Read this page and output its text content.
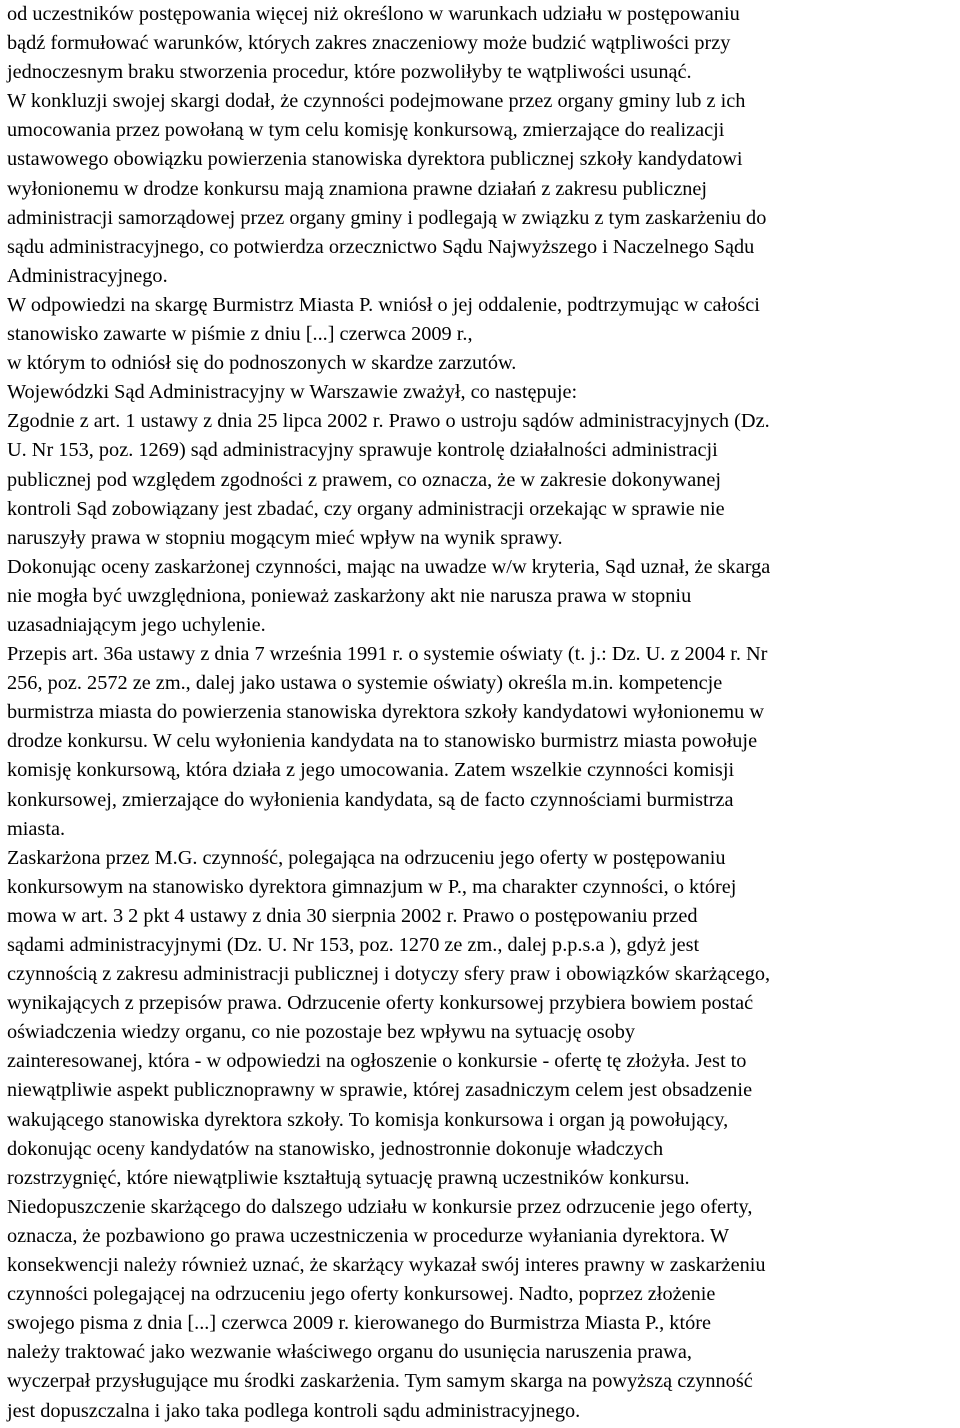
od uczestników postępowania więcej niż określono w warunkach udziału w postępowaniu
bądź formułować warunków, których zakres znaczeniowy może budzić wątpliwości przy
jednoczesnym braku stworzenia procedur, które pozwoliłyby te wątpliwości usunąć.
W konkluzji swojej skargi dodał, że czynności podejmowane przez organy gminy lub z ich
umocowania przez powołaną w tym celu komisję konkursową, zmierzające do realizacji
ustawowego obowiązku powierzenia stanowiska dyrektora publicznej szkoły kandydatowi
wyłonionemu w drodze konkursu mają znamiona prawne działań z zakresu publicznej
administracji samorządowej przez organy gminy i podlegają w związku z tym zaskarżeniu do
sądu administracyjnego, co potwierdza orzecznictwo Sądu Najwyższego i Naczelnego Sądu
Administracyjnego.
W odpowiedzi na skargę Burmistrz Miasta P. wniósł o jej oddalenie, podtrzymując w całości
stanowisko zawarte w piśmie z dniu [...] czerwca 2009 r.,
w którym to odniósł się do podnoszonych w skardze zarzutów.
Wojewódzki Sąd Administracyjny w Warszawie zważył, co następuje:
Zgodnie z art. 1 ustawy z dnia 25 lipca 2002 r. Prawo o ustroju sądów administracyjnych (Dz.
U. Nr 153, poz. 1269) sąd administracyjny sprawuje kontrolę działalności administracji
publicznej pod względem zgodności z prawem, co oznacza, że w zakresie dokonywanej
kontroli Sąd zobowiązany jest zbadać, czy organy administracji orzekając w sprawie nie
naruszyły prawa w stopniu mogącym mieć wpływ na wynik sprawy.
Dokonując oceny zaskarżonej czynności, mając na uwadze w/w kryteria, Sąd uznał, że skarga
nie mogła być uwzględniona, ponieważ zaskarżony akt nie narusza prawa w stopniu
uzasadniającym jego uchylenie.
Przepis art. 36a ustawy z dnia 7 września 1991 r. o systemie oświaty (t. j.: Dz. U. z 2004 r. Nr
256, poz. 2572 ze zm., dalej jako ustawa o systemie oświaty) określa m.in. kompetencje
burmistrza miasta do powierzenia stanowiska dyrektora szkoły kandydatowi wyłonionemu w
drodze konkursu. W celu wyłonienia kandydata na to stanowisko burmistrz miasta powołuje
komisję konkursową, która działa z jego umocowania. Zatem wszelkie czynności komisji
konkursowej, zmierzające do wyłonienia kandydata, są de facto czynnościami burmistrza
miasta.
Zaskarżona przez M.G. czynność, polegająca na odrzuceniu jego oferty w postępowaniu
konkursowym na stanowisko dyrektora gimnazjum w P., ma charakter czynności, o której
mowa w art. 3 2 pkt 4 ustawy z dnia 30 sierpnia 2002 r. Prawo o postępowaniu przed
sądami administracyjnymi (Dz. U. Nr 153, poz. 1270 ze zm., dalej p.p.s.a ), gdyż jest
czynnością z zakresu administracji publicznej i dotyczy sfery praw i obowiązków skarżącego,
wynikających z przepisów prawa. Odrzucenie oferty konkursowej przybiera bowiem postać
oświadczenia wiedzy organu, co nie pozostaje bez wpływu na sytuację osoby
zainteresowanej, która - w odpowiedzi na ogłoszenie o konkursie - ofertę tę złożyła. Jest to
niewątpliwie aspekt publicznoprawny w sprawie, której zasadniczym celem jest obsadzenie
wakującego stanowiska dyrektora szkoły. To komisja konkursowa i organ ją powołujący,
dokonując oceny kandydatów na stanowisko, jednostronnie dokonuje władczych
rozstrzygnięć, które niewątpliwie kształtują sytuację prawną uczestników konkursu.
Niedopuszczenie skarżącego do dalszego udziału w konkursie przez odrzucenie jego oferty,
oznacza, że pozbawiono go prawa uczestniczenia w procedurze wyłaniania dyrektora. W
konsekwencji należy również uznać, że skarżący wykazał swój interes prawny w zaskarżeniu
czynności polegającej na odrzuceniu jego oferty konkursowej. Nadto, poprzez złożenie
swojego pisma z dnia [...] czerwca 2009 r. kierowanego do Burmistrza Miasta P., które
należy traktować jako wezwanie właściwego organu do usunięcia naruszenia prawa,
wyczerpał przysługujące mu środki zaskarżenia. Tym samym skarga na powyższą czynność
jest dopuszczalna i jako taka podlega kontroli sądu administracyjnego.
